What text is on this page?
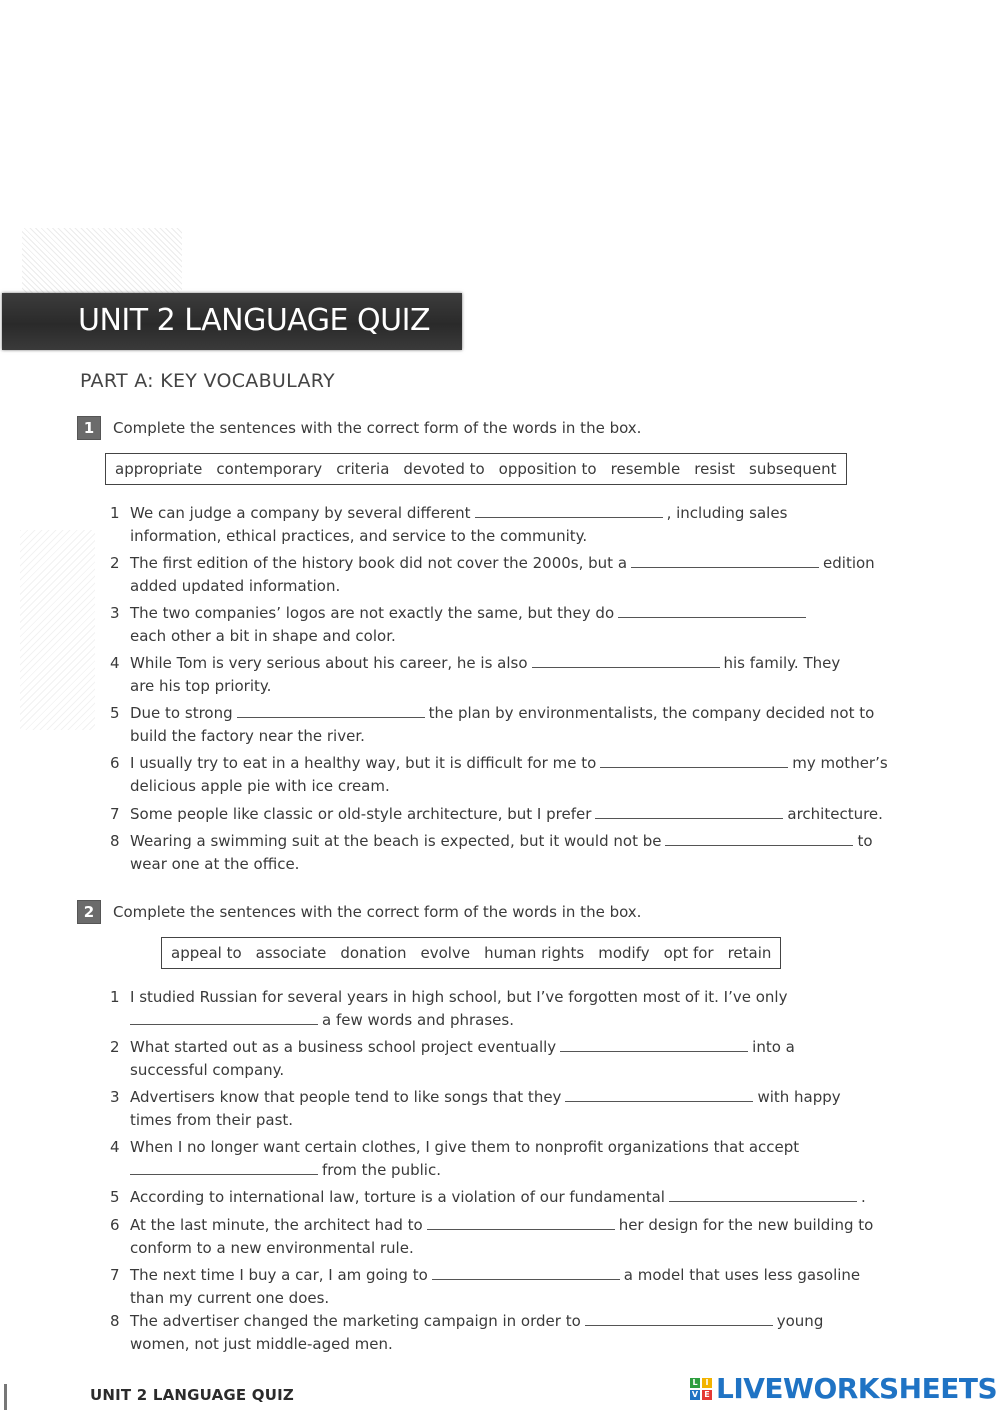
UNIT 2 LANGUAGE QUIZ
PART A: KEY VOCABULARY
1	Complete the sentences with the correct form of the words in the box.
appropriate contemporary criteria devoted to opposition to resemble resist subsequent
1 We can judge a company by several different	, including sales
information, ethical practices, and service to the community.
2 The first edition of the history book did not cover the 2000s, but a	edition
added updated information.
3 The two companies’ logos are not exactly the same, but they do
each other a bit in shape and color.
4 While Tom is very serious about his career, he is also	his family. They
are his top priority.
5 Due to strong	the plan by environmentalists, the company decided not to
build the factory near the river.
6 I usually try to eat in a healthy way, but it is difficult for me to	my mother’s
delicious apple pie with ice cream.
7 Some people like classic or old-style architecture, but I prefer	architecture.
8 Wearing a swimming suit at the beach is expected, but it would not be	to
wear one at the office.
2	Complete the sentences with the correct form of the words in the box.
appeal to associate donation evolve human rights modify opt for retain
1 I studied Russian for several years in high school, but I’ve forgotten most of it. I’ve only
a few words and phrases.
2 What started out as a business school project eventually	into a
successful company.
3 Advertisers know that people tend to like songs that they	with happy
times from their past.
4 When I no longer want certain clothes, I give them to nonprofit organizations that accept
from the public.
5 According to international law, torture is a violation of our fundamental	.
6 At the last minute, the architect had to	her design for the new building to
conform to a new environmental rule.
7 The next time I buy a car, I am going to	a model that uses less gasoline
than my current one does.
8 The advertiser changed the marketing campaign in order to	young
women, not just middle-aged men.
UNIT 2 LANGUAGE QUIZ
L I
V E LIVEWORKSHEETS
